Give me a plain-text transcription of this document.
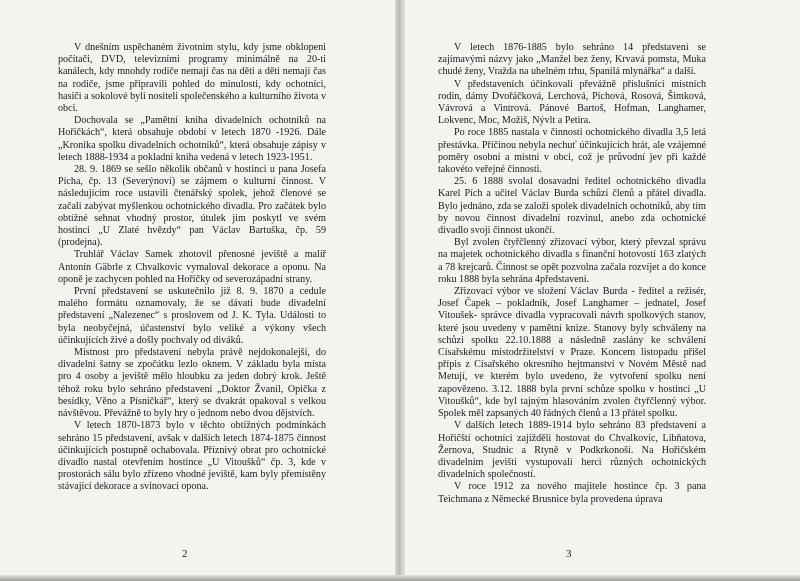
V dnešním uspěchaném životním stylu, kdy jsme obklopeni počítači, DVD, televizními programy minimálně na 20-ti kanálech, kdy mnohdy rodiče nemají čas na děti a děti nemají čas na rodiče, jsme připravili pohled do minulosti, kdy ochotníci, hasiči a sokolové byli nositeli společenského a kulturního života v obci.

Dochovala se „Pamětní kniha divadelních ochotníků na Hořičkách“, která obsahuje období v letech 1870 -1926. Dále „Kronika spolku divadelních ochotníků“, která obsahuje zápisy v letech 1888-1934 a pokladní kniha vedená v letech 1923-1951.

28. 9. 1869 se sešlo několik občanů v hostinci u pana Josefa Pícha, čp. 13 (Severýnovi) se zájmem o kulturní činnost. V následujícím roce ustavili čtenářský spolek, jehož členové se začali zabývat myšlenkou ochotnického divadla. Pro začátek bylo obtížné sehnat vhodný prostor, útulek jim poskytl ve svém hostinci „U Zlaté hvězdy“ pan Václav Bartuška, čp. 59 (prodejna).

Truhlář Václav Samek zhotovil přenosné jeviště a malíř Antonín Gäbrle z Chvalkovic vymaloval dekorace a oponu. Na oponě je zachycen pohled na Hořičky od severozápadní strany.

První představení se uskutečnilo již 8. 9. 1870 a cedule malého formátu oznamovaly, že se dávati bude divadelní představení „Nalezenec“ s proslovem od J. K. Tyla. Události to byla neobyčejná, účastenství bylo veliké a výkony všech účinkujících živé a došly pochvaly od diváků.

Mistnost pro představení nebyla právě nejdokonalejší, do divadelní šatny se zpočátku lezlo oknem. V základu byla místa pro 4 osoby a jeviště mělo hloubku za jeden dobrý krok. Ještě téhož roku bylo sehráno představení „Doktor Žvanil, Opička z besídky, Věno a Písničkář“, který se dvakrát opakoval s velkou návštěvou. Převážně to byly hry o jednom nebo dvou dějstvích.

V letech 1870-1873 bylo v těchto obtížných podmínkách sehráno 15 představení, avšak v dalších letech 1874-1875 činnost účinkujících postupně ochabovala. Příznivý obrat pro ochotnické divadlo nastal otevřením hostince „U Vitoušků“ čp. 3, kde v prostorách sálu bylo zřízeno vhodné jeviště, kam byly přemístěny stávající dekorace a svinovací opona.

V letech 1876-1885 bylo sehráno 14 představení se zajímavými názvy jako „Manžel bez ženy, Krvavá pomsta, Muka chudé ženy, Vražda na uhelném trhu, Spanilá mlynářka“ a další.

V představeních účinkovali převážně příslušníci místních rodin, dámy Dvořáčková, Lerchová, Píchová, Rosová, Šimková, Vávrová a Vintrová. Pánové Bartoš, Hofman, Langhamer, Lokvenc, Moc, Možiš, Nývlt a Petira.

Po roce 1885 nastala v činnosti ochotnického divadla 3,5 letá přestávka. Příčinou nebyla nechuť účinkujících hrát, ale vzájemné poměry osobní a místní v obci, což je průvodní jev při každé takovéto veřejné činnosti.

25. 6 1888 svolal dosavadní ředitel ochotnického divadla Karel Pích a učitel Václav Burda schůzi členů a přátel divadla. Bylo jednáno, zda se založí spolek divadelních ochotníků, aby tím by novou činnost divadelní rozvinul, anebo zda ochotnické divadlo svoji činnost ukončí.

Byl zvolen čtyřčlenný zřizovací výbor, který převzal správu na majetek ochotnického divadla s finanční hotovostí 163 zlatých a 78 krejcarů. Činnost se opět pozvolna začala rozvíjet a do konce roku 1888 byla sehrána 4představení.

Zřizovací výbor ve složení Václav Burda - ředitel a režisér, Josef Čapek – pokladník, Josef Langhamer – jednatel, Josef Vitoušek- správce divadla vypracovali návrh spolkových stanov, které jsou uvedeny v pamětní knize. Stanovy byly schváleny na schůzi spolku 22.10.1888 a následně zaslány ke schválení Císařskému místodržitelství v Praze. Koncem listopadu přišel přípis z Císařského okresního hejtmanství v Novém Městě nad Metují, ve kterém bylo uvedeno, že vytvoření spolku není zapovězeno. 3.12. 1888 byla první schůze spolku v hostinci „U Vitoušků“, kde byl tajným hlasováním zvolen čtyřčlenný výbor. Spolek měl zapsaných 40 řádných členů a 13 přátel spolku.

V dalších letech 1889-1914 bylo sehráno 83 představení a Hořičští ochotníci zajížděli hostovat do Chvalkovic, Libňatova, Žernova, Studnic a Rtyně v Podkrkonoší. Na Hořičském divadelním jevišti vystupovali herci různých ochotnických divadelních společností.

V roce 1912 za nového majitele hostince čp. 3 pana Teichmana z Německé Brusnice byla provedena úprava

2	3
